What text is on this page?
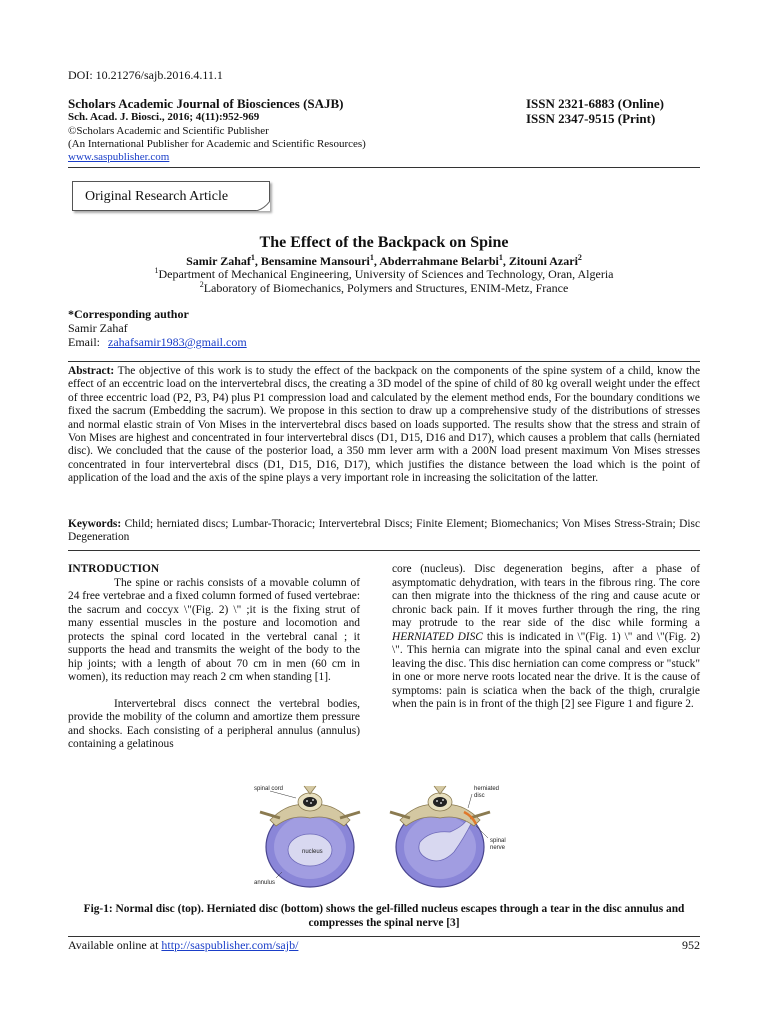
DOI: 10.21276/sajb.2016.4.11.1
Scholars Academic Journal of Biosciences (SAJB)	ISSN 2321-6883 (Online)
Sch. Acad. J. Biosci., 2016; 4(11):952-969	ISSN 2347-9515 (Print)
©Scholars Academic and Scientific Publisher
(An International Publisher for Academic and Scientific Resources)
www.saspublisher.com
Original Research Article
The Effect of the Backpack on Spine
Samir Zahaf$^1$, Bensamine Mansouri$^1$, Abderrahmane Belarbi$^1$, Zitouni Azari$^2$
$^1$Department of Mechanical Engineering, University of Sciences and Technology, Oran, Algeria
$^2$Laboratory of Biomechanics, Polymers and Structures, ENIM-Metz, France
*Corresponding author
Samir Zahaf
Email: zahafsamir1983@gmail.com
Abstract: The objective of this work is to study the effect of the backpack on the components of the spine system of a child, know the effect of an eccentric load on the intervertebral discs, the creating a 3D model of the spine of child of 80 kg overall weight under the effect of three eccentric load (P2, P3, P4) plus P1 compression load and calculated by the element method ends, For the boundary conditions we fixed the sacrum (Embedding the sacrum). We propose in this section to draw up a comprehensive study of the distributions of stresses and normal elastic strain of Von Mises in the intervertebral discs based on loads supported. The results show that the stress and strain of Von Mises are highest and concentrated in four intervertebral discs (D1, D15, D16 and D17), which causes a problem that calls (herniated disc). We concluded that the cause of the posterior load, a 350 mm lever arm with a 200N load present maximum Von Mises stresses concentrated in four intervertebral discs (D1, D15, D16, D17), which justifies the distance between the load which is the point of application of the load and the axis of the spine plays a very important role in increasing the solicitation of the latter.
Keywords: Child; herniated discs; Lumbar-Thoracic; Intervertebral Discs; Finite Element; Biomechanics; Von Mises Stress-Strain; Disc Degeneration
INTRODUCTION

The spine or rachis consists of a movable column of 24 free vertebrae and a fixed column formed of fused vertebrae: the sacrum and coccyx \"(Fig. 2) \" ;it is the fixing strut of many essential muscles in the posture and locomotion and protects the spinal cord located in the vertebral canal ; it supports the head and transmits the weight of the body to the hip joints; with a length of about 70 cm in men (60 cm in women), its reduction may reach 2 cm when standing [1].

Intervertebral discs connect the vertebral bodies, provide the mobility of the column and amortize them pressure and shocks. Each consisting of a peripheral annulus (annulus) containing a gelatinous

core (nucleus). Disc degeneration begins, after a phase of asymptomatic dehydration, with tears in the fibrous ring. The core can then migrate into the thickness of the ring and cause acute or chronic back pain. If it moves further through the ring, the ring may protrude to the rear side of the disc while forming a HERNIATED DISC this is indicated in \"(Fig. 1) \" and \"(Fig. 2) \". This hernia can migrate into the spinal canal and even exclur leaving the disc. This disc herniation can come compress or "stuck" in one or more nerve roots located near the drive. It is the cause of symptoms: pain is sciatica when the back of the thigh, cruralgie when the pain is in front of the thigh [2] see Figure 1 and figure 2.

spinal cord
nucleus
annulus
herniated
disc
spinal
nerve
Fig-1: Normal disc (top). Herniated disc (bottom) shows the gel-filled nucleus escapes through a tear in the disc annulus and compresses the spinal nerve [3]
Available online at http://saspublisher.com/sajb/	952
